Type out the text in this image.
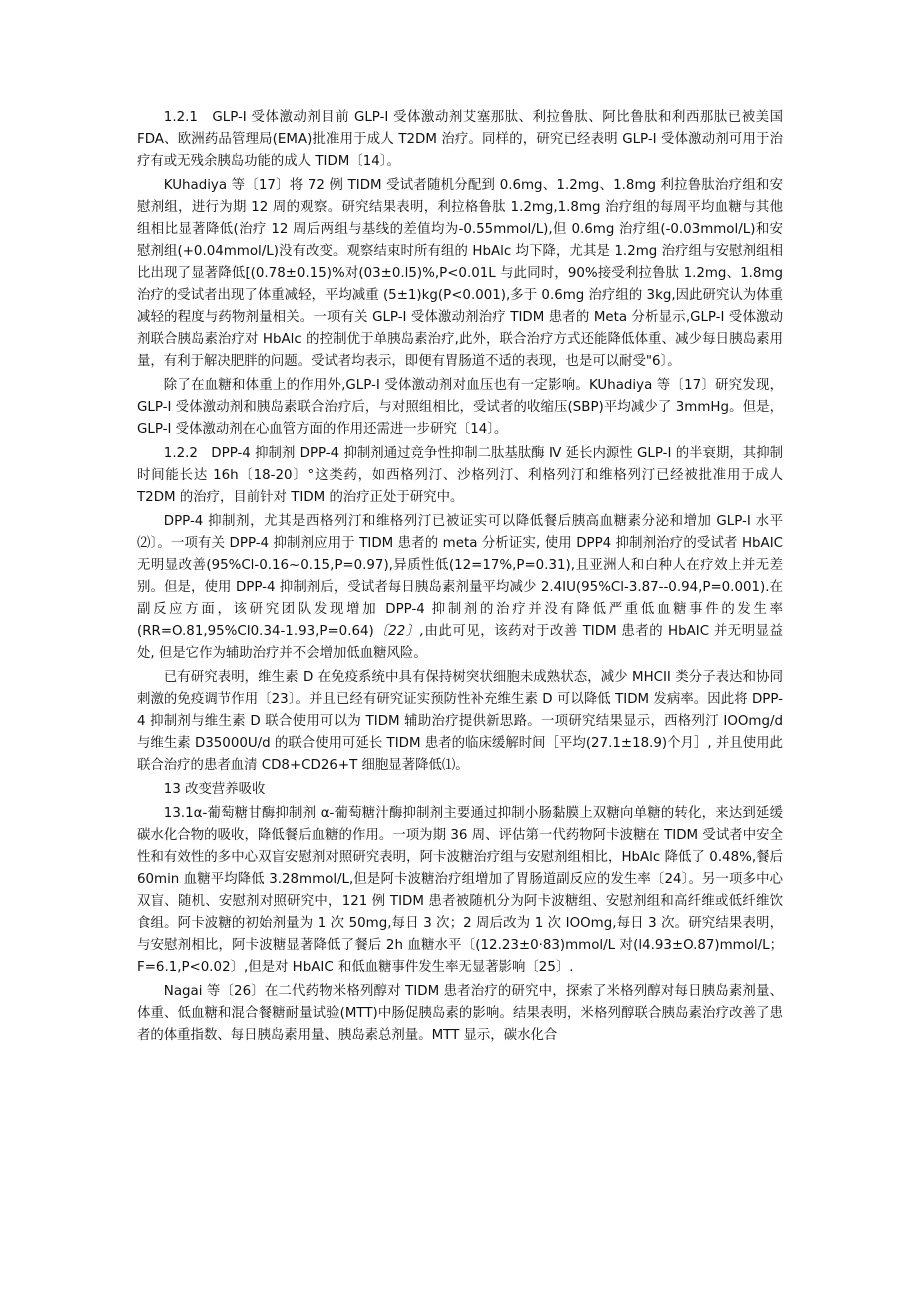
1.2.1　GLP-I 受体激动剂目前 GLP-I 受体激动剂艾塞那肽、利拉鲁肽、阿比鲁肽和利西那肽已被美国 FDA、欧洲药品管理局(EMA)批准用于成人 T2DM 治疗。同样的，研究已经表明 GLP-I 受体激动剂可用于治疗有或无残余胰岛功能的成人 TIDM〔14〕。

KUhadiya 等〔17〕将 72 例 TIDM 受试者随机分配到 0.6mg、1.2mg、1.8mg 利拉鲁肽治疗组和安慰剂组，进行为期 12 周的观察。研究结果表明，利拉格鲁肽 1.2mg,1.8mg 治疗组的每周平均血糖与其他组相比显著降低(治疗 12 周后两组与基线的差值均为-0.55mmol/L),但 0.6mg 治疗组(-0.03mmol/L)和安慰剂组(+0.04mmol/L)没有改变。观察结束时所有组的 HbAlc 均下降，尤其是 1.2mg 治疗组与安慰剂组相比出现了显著降低[(0.78±0.15)%对(03±0.l5)%,P<0.01L 与此同时，90%接受利拉鲁肽 1.2mg、1.8mg 治疗的受试者出现了体重减轻，平均减重 (5±1)kg(P<0.001),多于 0.6mg 治疗组的 3kg,因此研究认为体重减轻的程度与药物剂量相关。一项有关 GLP-I 受体激动剂治疗 TIDM 患者的 Meta 分析显示,GLP-I 受体激动剂联合胰岛素治疗对 HbAlc 的控制优于单胰岛素治疗,此外，联合治疗方式还能降低体重、减少每日胰岛素用量，有利于解决肥胖的问题。受试者均表示，即便有胃肠道不适的表现，也是可以耐受"6〕。

除了在血糖和体重上的作用外,GLP-I 受体激动剂对血压也有一定影响。KUhadiya 等〔17〕研究发现，GLP-I 受体激动剂和胰岛素联合治疗后，与对照组相比，受试者的收缩压(SBP)平均减少了 3mmHg。但是，GLP-I 受体激动剂在心血管方面的作用还需进一步研究〔14〕。

1.2.2　DPP-4 抑制剂 DPP-4 抑制剂通过竞争性抑制二肽基肽酶 Ⅳ 延长内源性 GLP-I 的半衰期，其抑制时间能长达 16h〔18-20〕°这类药，如西格列汀、沙格列汀、利格列汀和维格列汀已经被批准用于成人 T2DM 的治疗，目前针对 TIDM 的治疗正处于研究中。

DPP-4 抑制剂，尤其是西格列汀和维格列汀已被证实可以降低餐后胰高血糖素分泌和增加 GLP-I 水平⑵〕。一项有关 DPP-4 抑制剂应用于 TIDM 患者的 meta 分析证实, 使用 DPP4 抑制剂治疗的受试者 HbAIC 无明显改善(95%Cl-0.16~0.15,P=0.97),异质性低(12=17%,P=0.31),且亚洲人和白种人在疗效上并无差别。但是，使用 DPP-4 抑制剂后，受试者每日胰岛素剂量平均减少 2.4IU(95%Cl-3.87--0.94,P=0.001).在副反应方面，该研究团队发现增加 DPP-4 抑制剂的治疗并没有降低严重低血糖事件的发生率(RR=O.81,95%CI0.34-1.93,P=0.64)〔22〕,由此可见，该药对于改善 TIDM 患者的 HbAIC 并无明显益处, 但是它作为辅助治疗并不会增加低血糖风险。

已有研究表明，维生素 D 在免疫系统中具有保持树突状细胞未成熟状态，减少 MHCII 类分子表达和协同刺激的免疫调节作用〔23〕。并且已经有研究证实预防性补充维生素 D 可以降低 TIDM 发病率。因此将 DPP-4 抑制剂与维生素 D 联合使用可以为 TIDM 辅助治疗提供新思路。一项研究结果显示，西格列汀 IOOmg/d 与维生素 D35000U/d 的联合使用可延长 TIDM 患者的临床缓解时间［平均(27.1±18.9)个月］, 并且使用此联合治疗的患者血清 CD8+CD26+T 细胞显著降低⑴。

13 改变营养吸收

13.1α-葡萄糖甘酶抑制剂 α-葡萄糖汁酶抑制剂主要通过抑制小肠黏膜上双糖向单糖的转化，来达到延缓碳水化合物的吸收，降低餐后血糖的作用。一项为期 36 周、评估第一代药物阿卡波糖在 TIDM 受试者中安全性和有效性的多中心双盲安慰剂对照研究表明，阿卡波糖治疗组与安慰剂组相比，HbAlc 降低了 0.48%,餐后 60min 血糖平均降低 3.28mmol/L,但是阿卡波糖治疗组增加了胃肠道副反应的发生率〔24〕。另一项多中心双盲、随机、安慰剂对照研究中，121 例 TIDM 患者被随机分为阿卡波糖组、安慰剂组和高纤维或低纤维饮食组。阿卡波糖的初始剂量为 1 次 50mg,每日 3 次；2 周后改为 1 次 IOOmg,每日 3 次。研究结果表明，与安慰剂相比，阿卡波糖显著降低了餐后 2h 血糖水平〔(12.23±0·83)mmol/L 对(l4.93±O.87)mmol/L；F=6.1,P<0.02〕,但是对 HbAIC 和低血糖事件发生率无显著影响〔25〕.

Nagai 等〔26〕在二代药物米格列醇对 TIDM 患者治疗的研究中，探索了米格列醇对每日胰岛素剂量、体重、低血糖和混合餐糖耐量试验(MTT)中肠促胰岛素的影响。结果表明，米格列醇联合胰岛素治疗改善了患者的体重指数、每日胰岛素用量、胰岛素总剂量。MTT 显示，碳水化合
